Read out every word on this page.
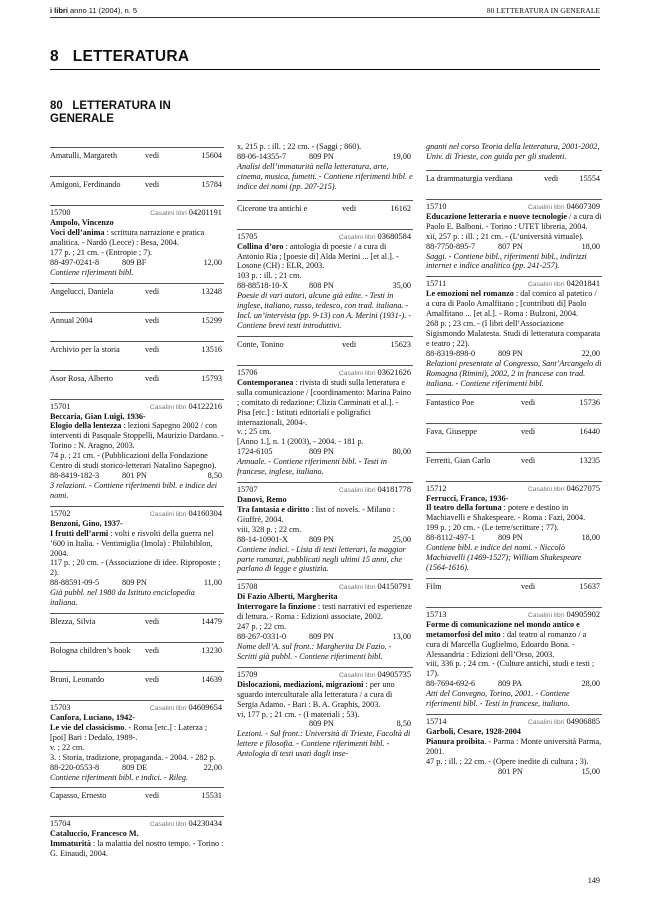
i libri anno 11 (2004), n. 5	80 LETTERATURA IN GENERALE
8   LETTERATURA
80   LETTERATURA IN GENERALE
Amatulli, Margareth	vedi	15604
Amigoni, Ferdinando	vedi	15784
15700	Casalini libri 04201191
Ampolo, Vincenzo
Voci dell’anima : scrittura narrazione e pratica analitica. - Nardò (Lecce) : Besa, 2004.
177 p. ; 21 cm. - (Entropie ; 7).
88-497-0241-8	809 BF	12,00
Contiene riferimenti bibl.
Angelucci, Daniela	vedi	13248
Annual 2004	vedi	15299
Archivio per la storia	vedi	13516
Asor Rosa, Alberto	vedi	15793
15701	Casalini libri 04122216
Beccaria, Gian Luigi, 1936-
Elogio della lentezza : lezioni Sapegno 2002 / con interventi di Pasquale Stoppelli, Maurizio Dardano. - Torino : N. Aragno, 2003.
74 p. ; 21 cm. - (Pubblicazioni della Fondazione Centro di studi storico-letterari Natalino Sapegno).
88-8419-182-3	801 PN	8,50
3 relazioni. - Contiene riferimenti bibl. e indice dei nomi.
15702	Casalini libri 04160304
Benzoni, Gino, 1937-
I frutti dell’armi : volti e risvolti della guerra nel ’600 in Italia. - Ventimiglia (Imola) : Philobiblon, 2004.
117 p. ; 20 cm. - (Associazione di idee. Riproposte ; 2).
88-88591-09-5	809 PN	11,00
Già pubbl. nel 1980 da Istituto enciclopedia italiana.
Blezza, Silvia	vedi	14479
Bologna children’s book vedi	13230
Bruni, Leonardo	vedi	14639
15703	Casalini libri 04609654
Canfora, Luciano, 1942-
Le vie del classicismo. - Roma [etc.] : Laterza ; [poi] Bari : Dedalo, 1989-.
v. ; 22 cm.
3. : Storia, tradizione, propaganda. - 2004. - 282 p.
88-220-0553-8	809 DE	22,00
Contiene riferimenti bibl. e indici. - Rileg.
Capasso, Ernesto	vedi	15531
15704	Casalini libri 04230434
Cataluccio, Francesco M.
Immaturità : la malattia del nostro tempo. - Torino : G. Einaudi, 2004.
x, 215 p. : ill. ; 22 cm. - (Saggi ; 860).
88-06-14355-7	809 PN	19,00
Analisi dell’immaturità nella letteratura, arte, cinema, musica, fumetti. - Contiene riferimenti bibl. e indice dei nomi (pp. 207-215).
Cicerone tra antichi e	vedi	16162
15705	Casalini libri 03680584
Collina d’oro : antologia di poesie / a cura di Antonio Ria ; [poesie di] Alda Merini ... [et al.]. - Losone (CH) : ELR, 2003.
103 p. : ill. ; 21 cm.
88-88518-10-X	808 PN	35,00
Poesie di vari autori, alcune già edite. - Testi in inglese, italiano, russo, tedesco, con trad. italiana. - Incl. un’intervista (pp. 9-13) con A. Merini (1931-). - Contiene brevi testi introduttivi.
Conte, Tonino	vedi	15623
15706	Casalini libri 03621626
Contemporanea : rivista di studi sulla letteratura e sulla comunicazione / [coordinamento: Marina Paino ; comitato di redazione: Clizia Carminati et al.]. - Pisa [etc.] : Istituti editoriali e poligrafici internazionali, 2004-.
v. ; 25 cm.
[Anno 1.], n. 1 (2003), - 2004. - 181 p.
1724-6105	809 PN	80,00
Annuale. - Contiene riferimenti bibl. - Testi in francese, inglese, italiano.
15707	Casalini libri 04181778
Danovi, Remo
Tra fantasia e diritto : list of novels. - Milano : Giuffrè, 2004.
viii, 328 p. ; 22 cm.
88-14-10901-X	809 PN	25,00
Contiene indici. - Lista di testi letterari, la maggior parte romanzi, pubblicati negli ultimi 15 anni, che parlano di legge e giustizia.
15708	Casalini libri 04150791
Di Fazio Alberti, Margherita
Interrogare la finzione : testi narrativi ed esperienze di lettura. - Roma : Edizioni associate, 2002.
247 p. ; 22 cm.
88-267-0331-0	809 PN	13,00
Nome dell’A. sul front.: Margherita Di Fazio. - Scritti già pubbl. - Contiene riferimenti bibl.
15709	Casalini libri 04905735
Dislocazioni, mediazioni, migrazioni : per uno sguardo interculturale alla letteratura / a cura di Sergia Adamo. - Bari : B. A. Graphis, 2003.
vi, 177 p. ; 21 cm. - (I materiali ; 53).
809 PN	8,50
Lezioni. - Sul front.: Università di Trieste, Facoltà di lettere e filosofia. - Contiene riferimenti bibl. - Antologia di testi usati dagli inse-
gnanti nel corso Teoria della letteratura, 2001-2002, Univ. di Trieste, con guida per gli studenti.
La drammaturgia verdiana	vedi	15554
15710	Casalini libri 04607309
Educazione letteraria e nuove tecnologie / a cura di Paolo E. Balboni. - Torino : UTET libreria, 2004.
xii, 257 p. : ill. ; 21 cm. - (L’università virtuale).
88-7750-895-7	807 PN	18,00
Saggi. - Contiene bibl., riferimenti bibl., indirizzi internet e indice analitico (pp. 241-257).
15711	Casalini libri 04201841
Le emozioni nel romanzo : dal comico al patetico / a cura di Paolo Amalfitano ; [contributi di] Paolo Amalfitano ... [et al.]. - Roma : Bulzoni, 2004.
268 p. ; 23 cm. - (I libri dell’Associazione Sigismondo Malatesta. Studi di letteratura comparata e teatro ; 22).
88-8319-898-0	809 PN	22,00
Relazioni presentate al Congresso, Sant’Arcangelo di Romagna (Rimini), 2002, 2 in francese con trad. italiana. - Contiene riferimenti bibl.
Fantastico Poe	vedi	15736
Fava, Giuseppe	vedi	16440
Ferretti, Gian Carlo	vedi	13235
15712	Casalini libri 04627075
Ferrucci, Franco, 1936-
Il teatro della fortuna : potere e destino in Machiavelli e Shakespeare. - Roma : Fazi, 2004.
199 p. ; 20 cm. - (Le terre/scritture ; 77).
88-8112-497-1	809 PN	18,00
Contiene bibl. e indice dei nomi. - Niccolò Machiavelli (1469-1527); William Shakespeare (1564-1616).
Film	vedi	15637
15713	Casalini libri 04905902
Forme di comunicazione nel mondo antico e metamorfosi del mito : dal teatro al romanzo / a cura di Marcella Guglielmo, Edoardo Bona. - Alessandria : Edizioni dell’Orso, 2003.
viii, 336 p. ; 24 cm. - (Culture antichi, studi e testi ; 17).
88-7694-692-6	809 PA	28,00
Atti del Convegno, Torino, 2001. - Contiene riferimenti bibl. - Testi in francese, italiano.
15714	Casalini libri 04906885
Garboli, Cesare, 1928-2004
Pianura proibita. - Parma : Monte università Parma, 2001.
47 p. : ill. ; 22 cm. - (Opere inedite di cultura ; 3).
801 PN	15,00
149
